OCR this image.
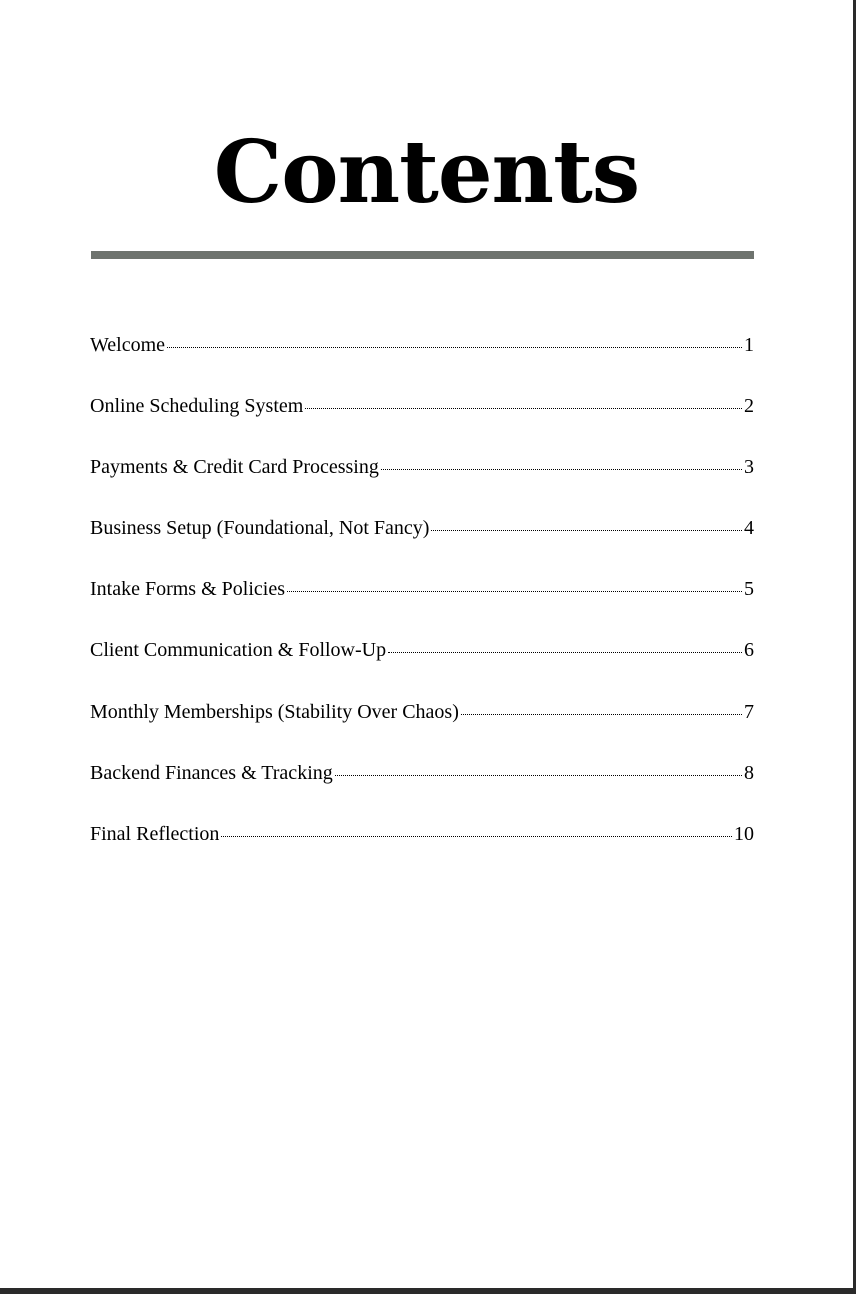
Contents
Welcome	1
Online Scheduling System	2
Payments & Credit Card Processing	3
Business Setup (Foundational, Not Fancy)	4
Intake Forms & Policies	5
Client Communication & Follow-Up	6
Monthly Memberships (Stability Over Chaos)	7
Backend Finances & Tracking	8
Final Reflection	10
